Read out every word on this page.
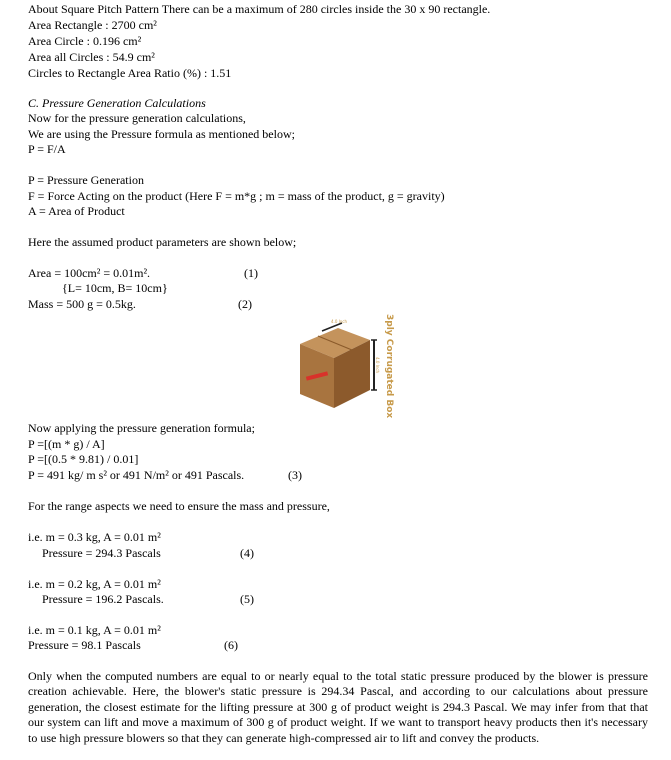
About Square Pitch Pattern There can be a maximum of 280 circles inside the 30 x 90 rectangle.
Area Rectangle : 2700 cm²
Area Circle : 0.196 cm²
Area all Circles : 54.9 cm²
Circles to Rectangle Area Ratio (%) : 1.51
C. Pressure Generation Calculations
Now for the pressure generation calculations,
We are using the Pressure formula as mentioned below;
P = F/A
P = Pressure Generation
F = Force Acting on the product (Here F = m*g ; m = mass of the product, g = gravity)
A = Area of Product
Here the assumed product parameters are shown below;
Area = 100cm² = 0.01m².	(1)
{L= 10cm, B= 10cm}
Mass = 500 g = 0.5kg.	(2)
4.0 Inch
4.0 Inch 3ply Corrugated Box
Now applying the pressure generation formula;
P =[(m * g) / A]
P =[(0.5 * 9.81) / 0.01]
P = 491 kg/ m s² or 491 N/m² or 491 Pascals.	(3)
For the range aspects we need to ensure the mass and pressure,
i.e. m = 0.3 kg, A = 0.01 m²
Pressure = 294.3 Pascals	(4)
i.e. m = 0.2 kg, A = 0.01 m²
Pressure = 196.2 Pascals.	(5)
i.e. m = 0.1 kg, A = 0.01 m²
Pressure = 98.1 Pascals	(6)
Only when the computed numbers are equal to or nearly equal to the total static pressure produced by the blower is pressure creation achievable. Here, the blower's static pressure is 294.34 Pascal, and according to our calculations about pressure generation, the closest estimate for the lifting pressure at 300 g of product weight is 294.3 Pascal. We may infer from that that our system can lift and move a maximum of 300 g of product weight. If we want to transport heavy products then it's necessary to use high pressure blowers so that they can generate high-compressed air to lift and convey the products.
